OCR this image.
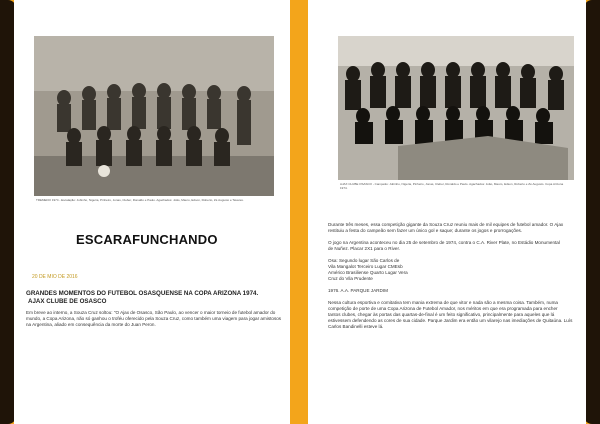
TREMEDO 1974 - Escalação: Jubinho, Nigeria, Pinheiro, Jonas, Cleber, Ronaldo e Paulo. Agachados: João, Mauro, Edson, Roberto, Zé Augusto e Tavares.
ESCARAFUNCHANDO
20 DE MIO DE 2016
GRANDES MOMENTOS DO FUTEBOL OSASQUENSE NA COPA ARIZONA 1974.
AJAX CLUBE DE OSASCO
Em breve ao interno, a Souza Cruz soltou: "O Ajax de Osasco, São Paulo, ao vencer o maior torneio de futebol amador do
mundo, a Copa Arizona, não só ganhou o troféu oferecido pela Souza Cruz, como também uma viagem para jogar amistosos
na Argentina, aliado em consequência da morte do Juan Peron.
AJAX CLUBE OSASCO - Campeão: Jubinho, Nigeria, Pinheiro, Jonas, Cleber, Ronaldo e Paulo. Agachados: João, Mauro, Edson, Roberto e Zé Augusto. Copa Arizona 1974.
Durante três meses, essa competição gigante da Souza Cruz reuniu mais de mil equipes de futebol amador. O Ajax
restituiu a festa do campeão sem fazer um único gol e saque; durante os jogos e prorrogações.
O jogo na Argentina aconteceu no dia 25 de setembro de 1974, contra o C.A. River Plate, no Estádio Monumental
de Nuñez. Placar 2X1 para o River.
Osa: Segundo lugar São Carlos de
Vila Mangalot Terceiro Lugar CMEsb
Américo Brasiliense Quarto Lugar Vera
Cruz do Vila Prudente
1976. A.A. PARQUE JARDIM
Nessa cultura esportiva e comitativa tem mania extrema de que vitor e nada são a mesma coisa. Também, numa
competição de porte de uma Copa Arizona de Futebol Amador, nos méritos em que era programada para encher
tantos clubes, chegar às portas das quartas-de-final é um feito significativo, principalmente para aqueles que lá
estivessem defendendo as cores de sua cidade. Parque Jardim era então um vilarejo nas imediações de Quitaúna. Luís
Carlos Bandinelli esteve lá.
